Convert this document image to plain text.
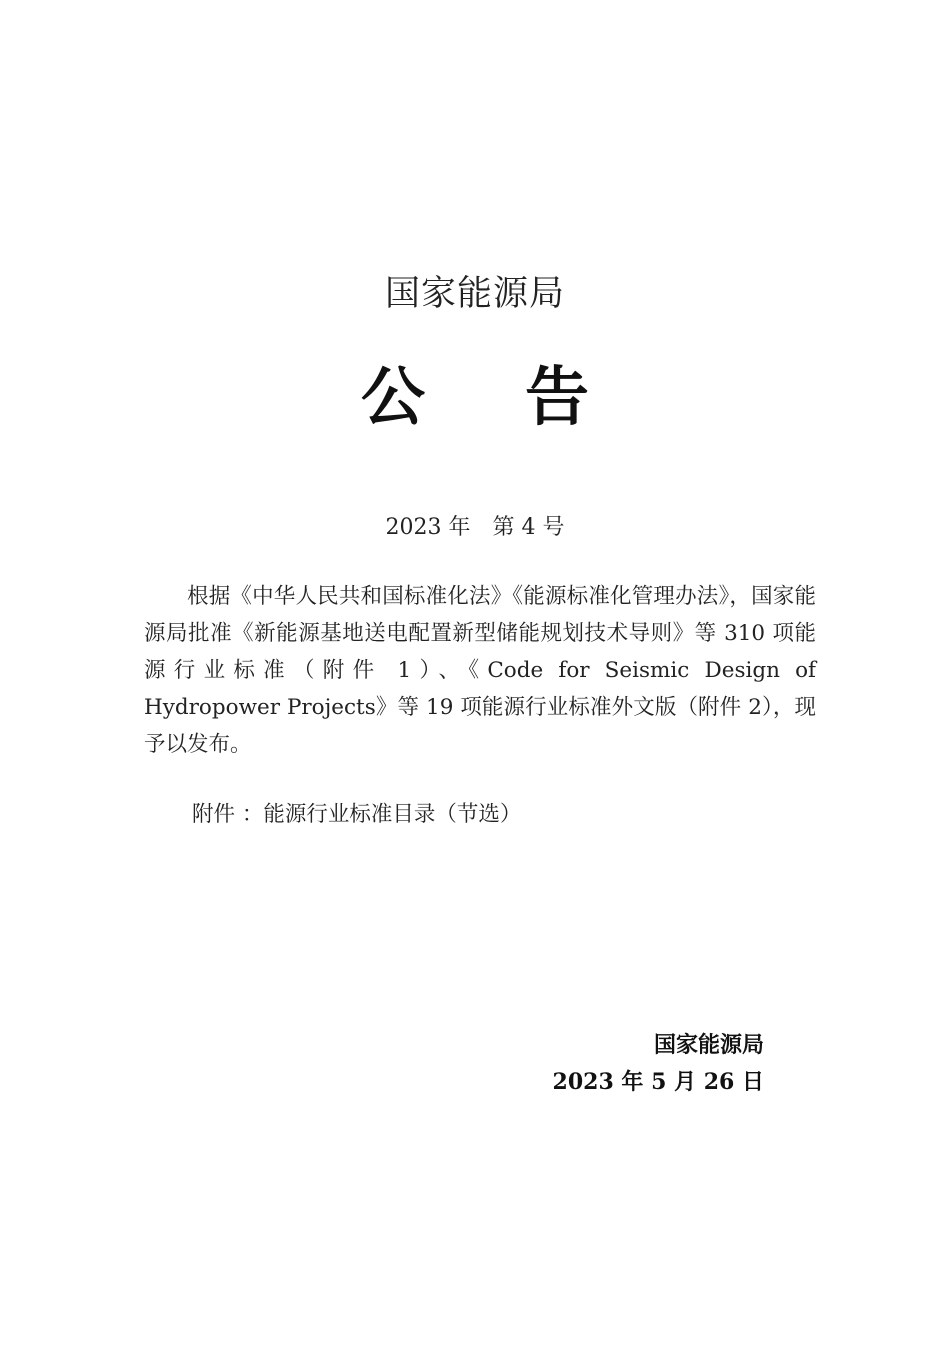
国家能源局
公 告
2023 年　第 4 号
根据《中华人民共和国标准化法》《能源标准化管理办法》，国家能源局批准《新能源基地送电配置新型储能规划技术导则》等 310 项能源行业标准（附件 1）、《Code for Seismic Design of Hydropower Projects》等 19 项能源行业标准外文版（附件 2），现予以发布。
附件 ：能源行业标准目录（节选）
国家能源局
2023 年 5 月 26 日
